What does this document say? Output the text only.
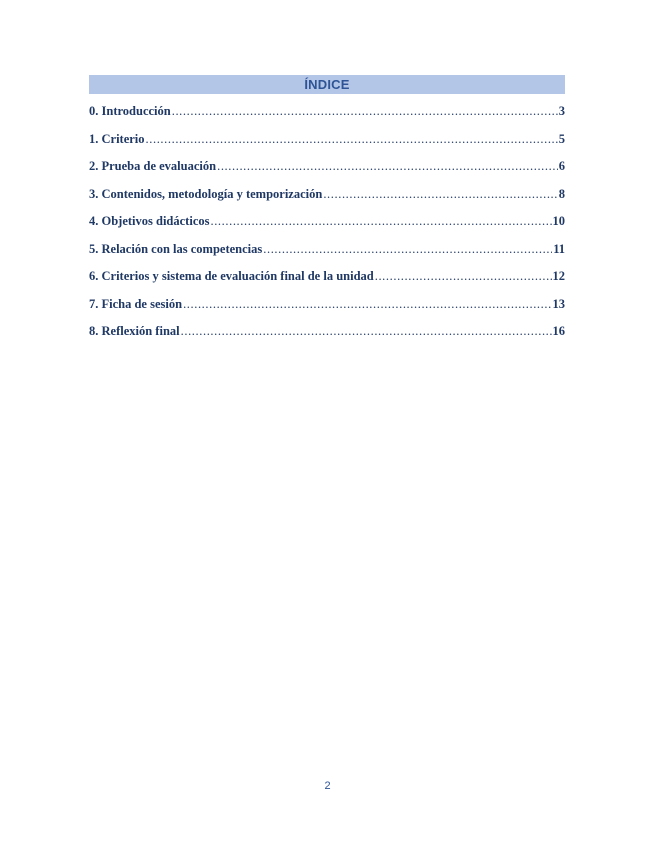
ÍNDICE
0. Introducción .....	3
1. Criterio .....	5
2. Prueba de evaluación .....	6
3. Contenidos, metodología y temporización .....	8
4. Objetivos didácticos .....	10
5. Relación con las competencias .....	11
6. Criterios y sistema de evaluación final de la unidad .....	12
7. Ficha de sesión .....	13
8. Reflexión final .....	16
2
